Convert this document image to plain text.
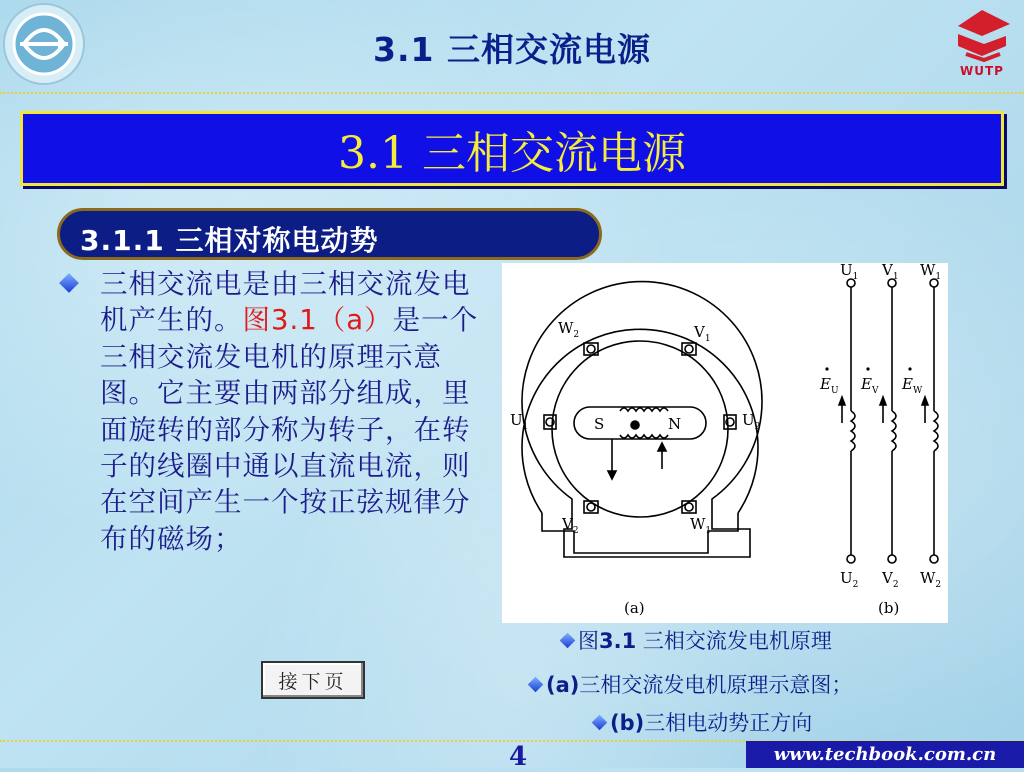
3.1 三相交流电源
WUTP
3.1 三相交流电源
3.1.1 三相对称电动势
三相交流电是由三相交流发电机产生的。图3.1（a）是一个三相交流发电机的原理示意图。它主要由两部分组成，里面旋转的部分称为转子，在转子的线圈中通以直流电流，则在空间产生一个按正弦规律分布的磁场；
接下页
$W_2$	$V_1$
$U_1$	$U_2$
$V_2$	$W_1$
S	N
(a)
$U_1$ $V_1$ $W_1$
$E_U$ $E_V$ $E_W$
$U_2$ $V_2$ $W_2$
(b)
图3.1 三相交流发电机原理
(a)三相交流发电机原理示意图；
(b)三相电动势正方向
4	www.techbook.com.cn
